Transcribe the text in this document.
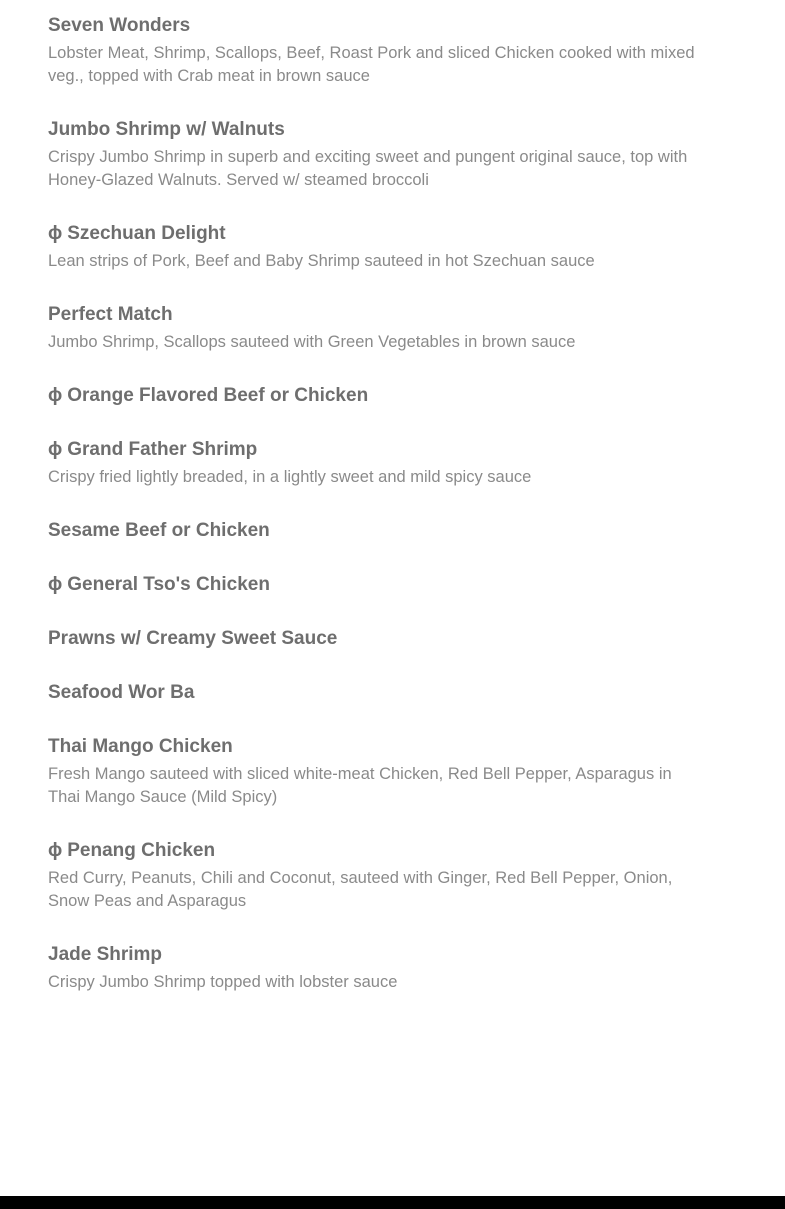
Seven Wonders
Lobster Meat, Shrimp, Scallops, Beef, Roast Pork and sliced Chicken cooked with mixed veg., topped with Crab meat in brown sauce
Jumbo Shrimp w/ Walnuts
Crispy Jumbo Shrimp in superb and exciting sweet and pungent original sauce, top with Honey-Glazed Walnuts. Served w/ steamed broccoli
ϕ Szechuan Delight
Lean strips of Pork, Beef and Baby Shrimp sauteed in hot Szechuan sauce
Perfect Match
Jumbo Shrimp, Scallops sauteed with Green Vegetables in brown sauce
ϕ Orange Flavored Beef or Chicken
ϕ Grand Father Shrimp
Crispy fried lightly breaded, in a lightly sweet and mild spicy sauce
Sesame Beef or Chicken
ϕ General Tso's Chicken
Prawns w/ Creamy Sweet Sauce
Seafood Wor Ba
Thai Mango Chicken
Fresh Mango sauteed with sliced white-meat Chicken, Red Bell Pepper, Asparagus in Thai Mango Sauce (Mild Spicy)
ϕ Penang Chicken
Red Curry, Peanuts, Chili and Coconut, sauteed with Ginger, Red Bell Pepper, Onion, Snow Peas and Asparagus
Jade Shrimp
Crispy Jumbo Shrimp topped with lobster sauce
